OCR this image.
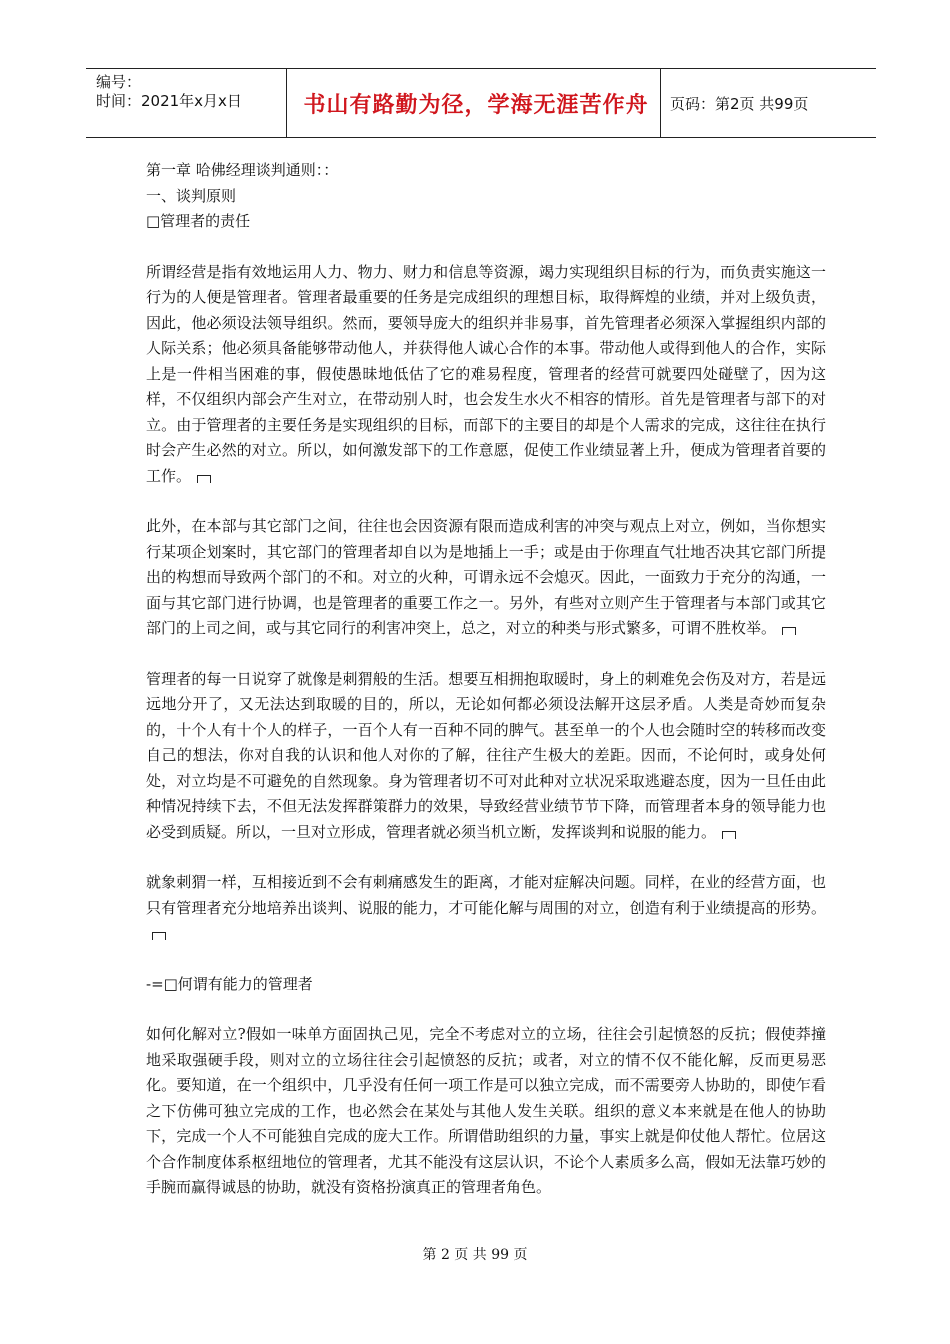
编号：
时间：2021年x月x日	书山有路勤为径，学海无涯苦作舟	页码：第2页 共99页

第一章 哈佛经理谈判通则：：

一、谈判原则

□管理者的责任

所谓经营是指有效地运用人力、物力、财力和信息等资源，竭力实现组织目标的行为，而负责实施这一行为的人便是管理者。管理者最重要的任务是完成组织的理想目标，取得辉煌的业绩，并对上级负责，因此，他必须设法领导组织。然而，要领导庞大的组织并非易事，首先管理者必须深入掌握组织内部的人际关系；他必须具备能够带动他人，并获得他人诚心合作的本事。带动他人或得到他人的合作，实际上是一件相当困难的事，假使愚昧地低估了它的难易程度，管理者的经营可就要四处碰壁了，因为这样，不仅组织内部会产生对立，在带动别人时，也会发生水火不相容的情形。首先是管理者与部下的对立。由于管理者的主要任务是实现组织的目标，而部下的主要目的却是个人需求的完成，这往往在执行时会产生必然的对立。所以，如何激发部下的工作意愿，促使工作业绩显著上升，便成为管理者首要的工作。

此外，在本部与其它部门之间，往往也会因资源有限而造成利害的冲突与观点上对立，例如，当你想实行某项企划案时，其它部门的管理者却自以为是地插上一手；或是由于你理直气壮地否决其它部门所提出的构想而导致两个部门的不和。对立的火种，可谓永远不会熄灭。因此，一面致力于充分的沟通，一面与其它部门进行协调，也是管理者的重要工作之一。另外，有些对立则产生于管理者与本部门或其它部门的上司之间，或与其它同行的利害冲突上，总之，对立的种类与形式繁多，可谓不胜枚举。

管理者的每一日说穿了就像是刺猬般的生活。想要互相拥抱取暖时，身上的刺难免会伤及对方，若是远远地分开了，又无法达到取暖的目的，所以，无论如何都必须设法解开这层矛盾。人类是奇妙而复杂的，十个人有十个人的样子，一百个人有一百种不同的脾气。甚至单一的个人也会随时空的转移而改变自己的想法，你对自我的认识和他人对你的了解，往往产生极大的差距。因而，不论何时，或身处何处，对立均是不可避免的自然现象。身为管理者切不可对此种对立状况采取逃避态度，因为一旦任由此种情况持续下去，不但无法发挥群策群力的效果，导致经营业绩节节下降，而管理者本身的领导能力也必受到质疑。所以，一旦对立形成，管理者就必须当机立断，发挥谈判和说服的能力。

就象刺猬一样，互相接近到不会有刺痛感发生的距离，才能对症解决问题。同样，在业的经营方面，也只有管理者充分地培养出谈判、说服的能力，才可能化解与周围的对立，创造有利于业绩提高的形势。

-=□何谓有能力的管理者

如何化解对立?假如一味单方面固执己见，完全不考虑对立的立场，往往会引起愤怒的反抗；假使莽撞地采取强硬手段，则对立的立场往往会引起愤怒的反抗；或者，对立的情不仅不能化解，反而更易恶化。要知道，在一个组织中，几乎没有任何一项工作是可以独立完成，而不需要旁人协助的，即使乍看之下仿佛可独立完成的工作，也必然会在某处与其他人发生关联。组织的意义本来就是在他人的协助下，完成一个人不可能独自完成的庞大工作。所谓借助组织的力量，事实上就是仰仗他人帮忙。位居这个合作制度体系枢纽地位的管理者，尤其不能没有这层认识，不论个人素质多么高，假如无法靠巧妙的手腕而赢得诚恳的协助，就没有资格扮演真正的管理者角色。

第 2 页 共 99 页
